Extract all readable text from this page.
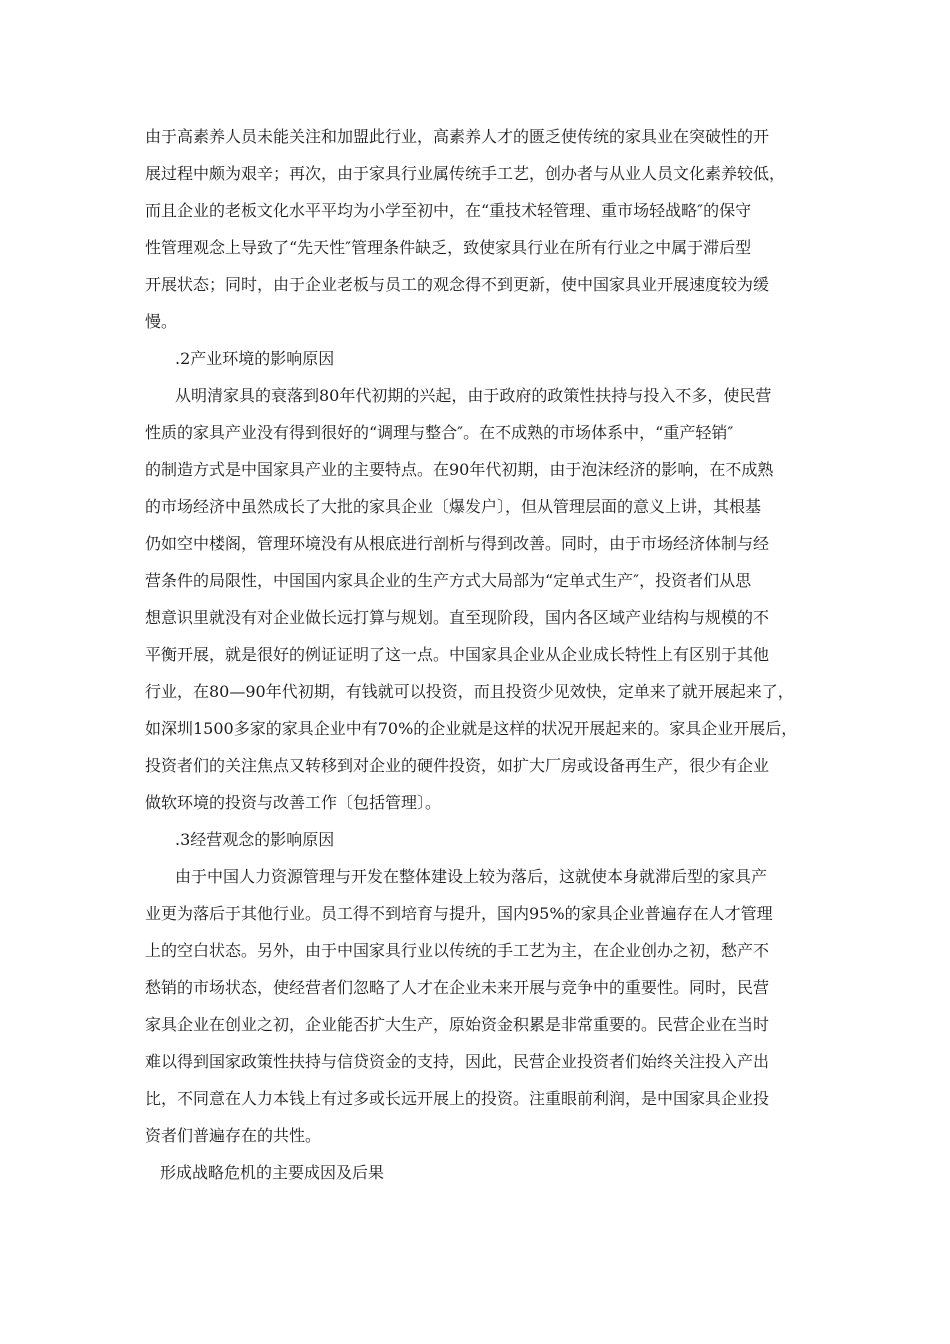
由于高素养人员未能关注和加盟此行业，高素养人才的匮乏使传统的家具业在突破性的开
展过程中颇为艰辛；再次，由于家具行业属传统手工艺，创办者与从业人员文化素养较低，
而且企业的老板文化水平平均为小学至初中，在“重技术轻管理、重市场轻战略″的保守
性管理观念上导致了“先天性″管理条件缺乏，致使家具行业在所有行业之中属于滞后型
开展状态；同时，由于企业老板与员工的观念得不到更新，使中国家具业开展速度较为缓
慢。
.2产业环境的影响原因
从明清家具的衰落到80年代初期的兴起，由于政府的政策性扶持与投入不多，使民营
性质的家具产业没有得到很好的“调理与整合″。在不成熟的市场体系中，“重产轻销″
的制造方式是中国家具产业的主要特点。在90年代初期，由于泡沫经济的影响，在不成熟
的市场经济中虽然成长了大批的家具企业〔爆发户〕，但从管理层面的意义上讲，其根基
仍如空中楼阁，管理环境没有从根底进行剖析与得到改善。同时，由于市场经济体制与经
营条件的局限性，中国国内家具企业的生产方式大局部为“定单式生产″，投资者们从思
想意识里就没有对企业做长远打算与规划。直至现阶段，国内各区域产业结构与规模的不
平衡开展，就是很好的例证证明了这一点。中国家具企业从企业成长特性上有区别于其他
行业，在80—90年代初期，有钱就可以投资，而且投资少见效快，定单来了就开展起来了，
如深圳1500多家的家具企业中有70%的企业就是这样的状况开展起来的。家具企业开展后，
投资者们的关注焦点又转移到对企业的硬件投资，如扩大厂房或设备再生产，很少有企业
做软环境的投资与改善工作〔包括管理〕。
.3经营观念的影响原因
由于中国人力资源管理与开发在整体建设上较为落后，这就使本身就滞后型的家具产
业更为落后于其他行业。员工得不到培育与提升，国内95%的家具企业普遍存在人才管理
上的空白状态。另外，由于中国家具行业以传统的手工艺为主，在企业创办之初，愁产不
愁销的市场状态，使经营者们忽略了人才在企业未来开展与竞争中的重要性。同时，民营
家具企业在创业之初，企业能否扩大生产，原始资金积累是非常重要的。民营企业在当时
难以得到国家政策性扶持与信贷资金的支持，因此，民营企业投资者们始终关注投入产出
比，不同意在人力本钱上有过多或长远开展上的投资。注重眼前利润，是中国家具企业投
资者们普遍存在的共性。
形成战略危机的主要成因及后果
